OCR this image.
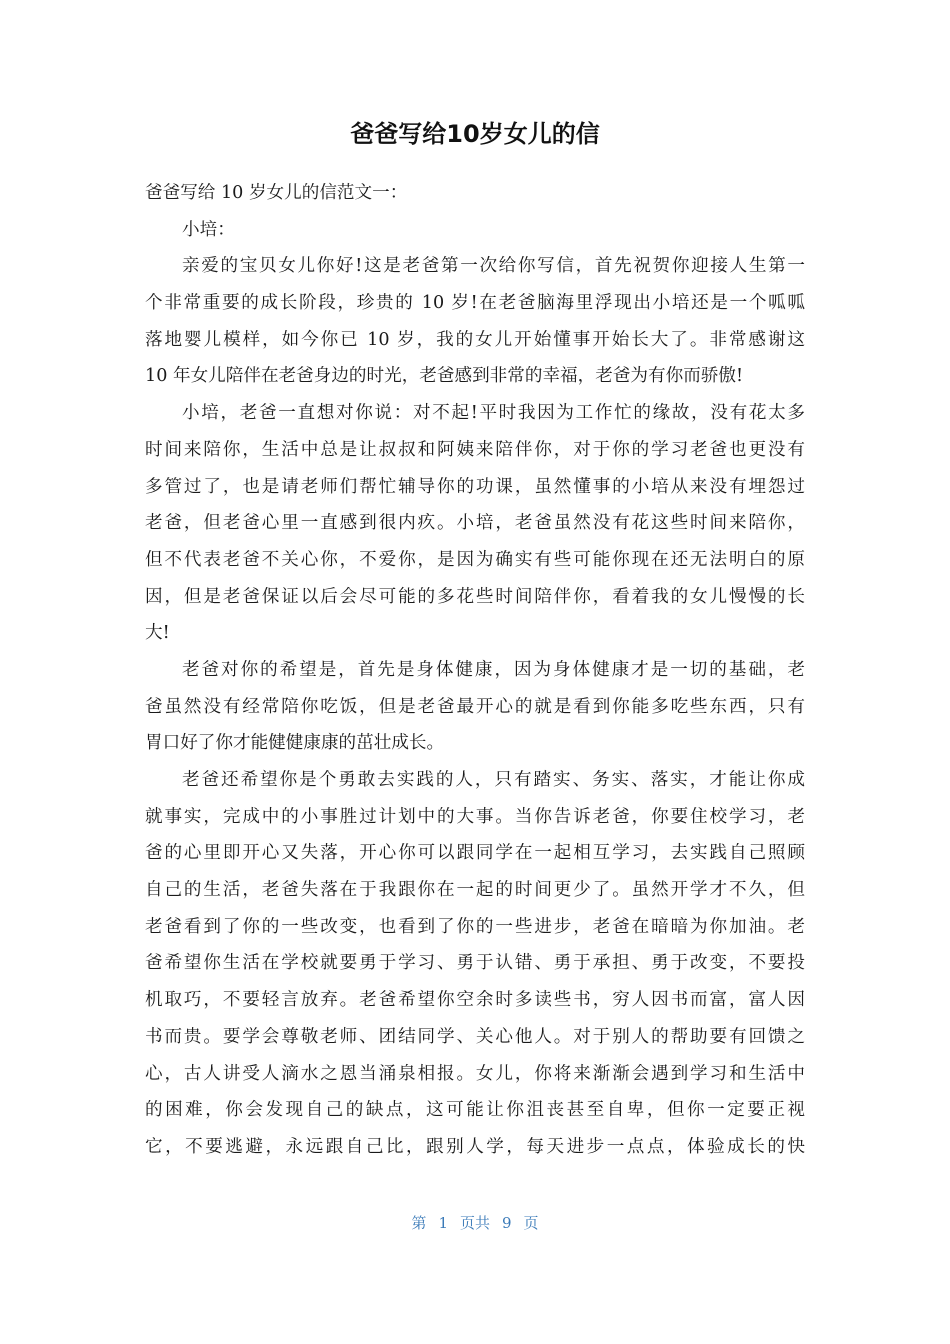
爸爸写给10岁女儿的信
爸爸写给 10 岁女儿的信范文一：
小培：
亲爱的宝贝女儿你好!这是老爸第一次给你写信，首先祝贺你迎接人生第一
个非常重要的成长阶段，珍贵的 10 岁!在老爸脑海里浮现出小培还是一个呱呱
落地婴儿模样，如今你已 10 岁，我的女儿开始懂事开始长大了。非常感谢这
10 年女儿陪伴在老爸身边的时光，老爸感到非常的幸福，老爸为有你而骄傲!
小培，老爸一直想对你说：对不起!平时我因为工作忙的缘故，没有花太多
时间来陪你，生活中总是让叔叔和阿姨来陪伴你，对于你的学习老爸也更没有
多管过了，也是请老师们帮忙辅导你的功课，虽然懂事的小培从来没有埋怨过
老爸，但老爸心里一直感到很内疚。小培，老爸虽然没有花这些时间来陪你，
但不代表老爸不关心你，不爱你，是因为确实有些可能你现在还无法明白的原
因，但是老爸保证以后会尽可能的多花些时间陪伴你，看着我的女儿慢慢的长
大!
老爸对你的希望是，首先是身体健康，因为身体健康才是一切的基础，老
爸虽然没有经常陪你吃饭，但是老爸最开心的就是看到你能多吃些东西，只有
胃口好了你才能健健康康的茁壮成长。
老爸还希望你是个勇敢去实践的人，只有踏实、务实、落实，才能让你成
就事实，完成中的小事胜过计划中的大事。当你告诉老爸，你要住校学习，老
爸的心里即开心又失落，开心你可以跟同学在一起相互学习，去实践自己照顾
自己的生活，老爸失落在于我跟你在一起的时间更少了。虽然开学才不久，但
老爸看到了你的一些改变，也看到了你的一些进步，老爸在暗暗为你加油。老
爸希望你生活在学校就要勇于学习、勇于认错、勇于承担、勇于改变，不要投
机取巧，不要轻言放弃。老爸希望你空余时多读些书，穷人因书而富，富人因
书而贵。要学会尊敬老师、团结同学、关心他人。对于别人的帮助要有回馈之
心，古人讲受人滴水之恩当涌泉相报。女儿，你将来渐渐会遇到学习和生活中
的困难，你会发现自己的缺点，这可能让你沮丧甚至自卑，但你一定要正视
它，不要逃避，永远跟自己比，跟别人学，每天进步一点点，体验成长的快
第 1 页共 9 页
